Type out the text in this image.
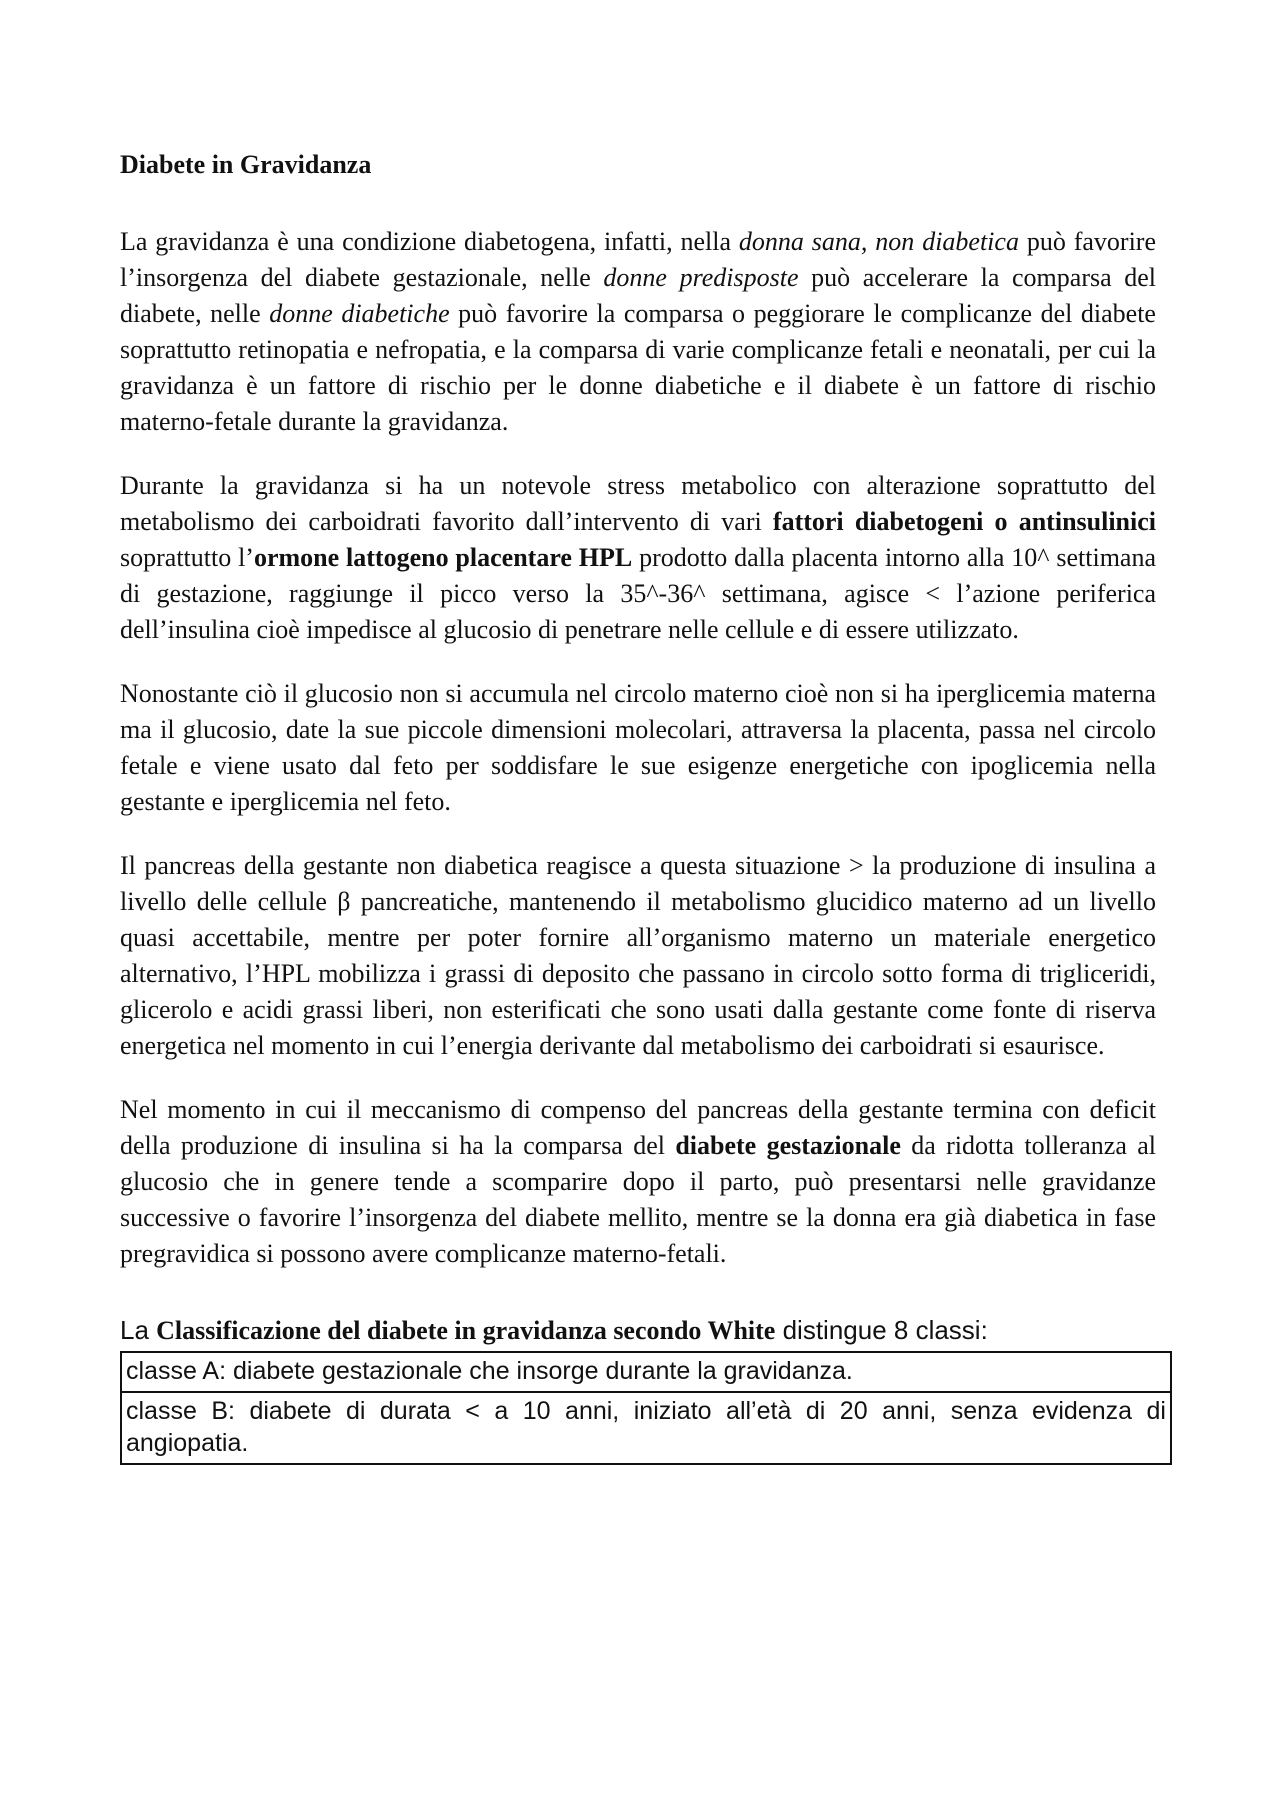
Diabete in Gravidanza

La gravidanza è una condizione diabetogena, infatti, nella donna sana, non diabetica può favorire l’insorgenza del diabete gestazionale, nelle donne predisposte può accelerare la comparsa del diabete, nelle donne diabetiche può favorire la comparsa o peggiorare le complicanze del diabete soprattutto retinopatia e nefropatia, e la comparsa di varie complicanze fetali e neonatali, per cui la gravidanza è un fattore di rischio per le donne diabetiche e il diabete è un fattore di rischio materno-fetale durante la gravidanza.

Durante la gravidanza si ha un notevole stress metabolico con alterazione soprattutto del metabolismo dei carboidrati favorito dall’intervento di vari fattori diabetogeni o antinsulinici soprattutto l’ormone lattogeno placentare HPL prodotto dalla placenta intorno alla 10^ settimana di gestazione, raggiunge il picco verso la 35^-36^ settimana, agisce < l’azione periferica dell’insulina cioè impedisce al glucosio di penetrare nelle cellule e di essere utilizzato.

Nonostante ciò il glucosio non si accumula nel circolo materno cioè non si ha iperglicemia materna ma il glucosio, date la sue piccole dimensioni molecolari, attraversa la placenta, passa nel circolo fetale e viene usato dal feto per soddisfare le sue esigenze energetiche con ipoglicemia nella gestante e iperglicemia nel feto.

Il pancreas della gestante non diabetica reagisce a questa situazione > la produzione di insulina a livello delle cellule β pancreatiche, mantenendo il metabolismo glucidico materno ad un livello quasi accettabile, mentre per poter fornire all’organismo materno un materiale energetico alternativo, l’HPL mobilizza i grassi di deposito che passano in circolo sotto forma di trigliceridi, glicerolo e acidi grassi liberi, non esterificati che sono usati dalla gestante come fonte di riserva energetica nel momento in cui l’energia derivante dal metabolismo dei carboidrati si esaurisce.

Nel momento in cui il meccanismo di compenso del pancreas della gestante termina con deficit della produzione di insulina si ha la comparsa del diabete gestazionale da ridotta tolleranza al glucosio che in genere tende a scomparire dopo il parto, può presentarsi nelle gravidanze successive o favorire l’insorgenza del diabete mellito, mentre se la donna era già diabetica in fase pregravidica si possono avere complicanze materno-fetali.

La Classificazione del diabete in gravidanza secondo White distingue 8 classi:
classe A: diabete gestazionale che insorge durante la gravidanza.
classe B: diabete di durata < a 10 anni, iniziato all’età di 20 anni, senza evidenza di angiopatia.
